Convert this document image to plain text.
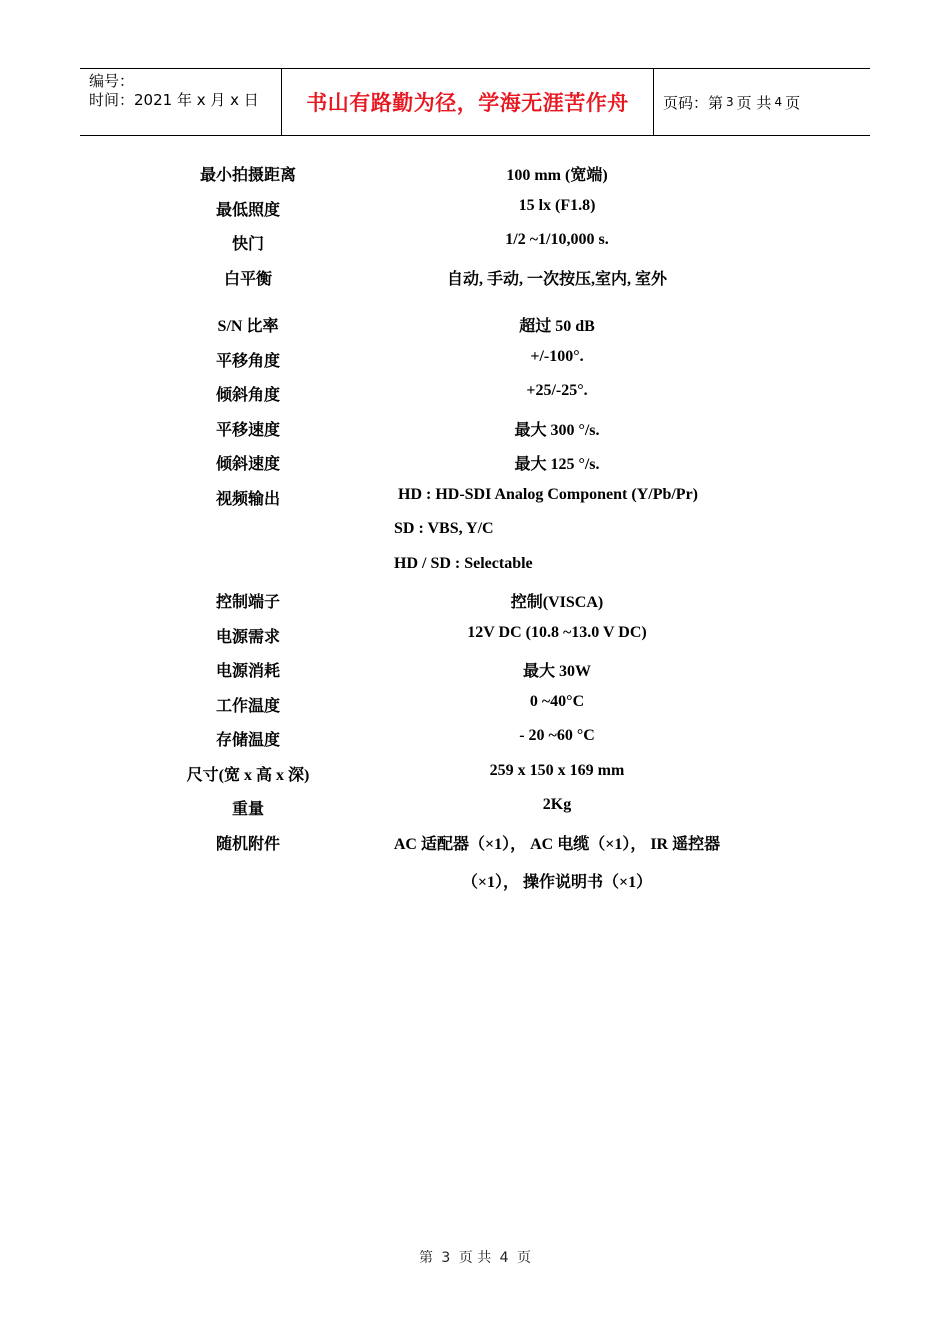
编号：
时间：2021 年 x 月 x 日	书山有路勤为径，学海无涯苦作舟	页码：第 3 页 共 4 页
最小拍摄距离	100 mm (宽端)
最低照度	15 lx (F1.8)
快门	1/2 ~1/10,000 s.
白平衡	自动, 手动, 一次按压,室内, 室外
S/N 比率	超过 50 dB
平移角度	+/-100°.
倾斜角度	+25/-25°.
平移速度	最大 300 °/s.
倾斜速度	最大 125 °/s.
视频输出	HD : HD-SDI Analog Component (Y/Pb/Pr)
SD : VBS, Y/C
HD / SD : Selectable
控制端子	控制(VISCA)
电源需求	12V DC (10.8 ~13.0 V DC)
电源消耗	最大 30W
工作温度	0 ~40°C
存储温度	- 20 ~60 °C
尺寸(宽 x 高 x 深)	259 x 150 x 169 mm
重量	2Kg
随机附件	AC 适配器（×1）， AC 电缆（×1）， IR 遥控器
（×1）， 操作说明书（×1）
第 3 页 共 4 页
